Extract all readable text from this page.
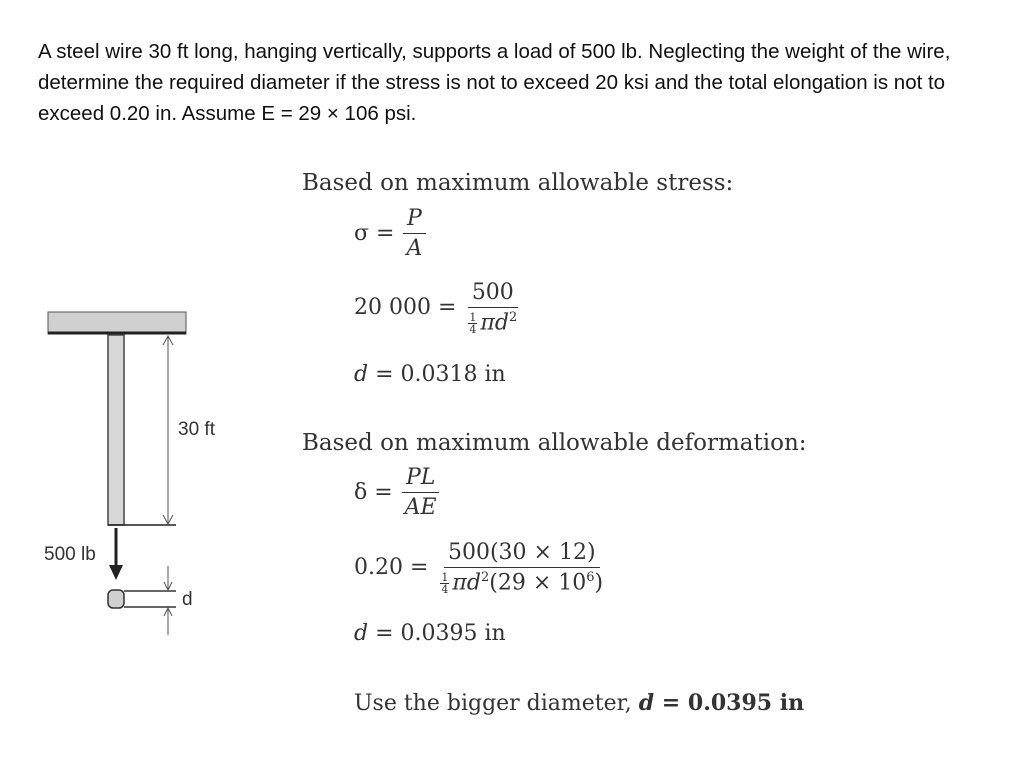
A steel wire 30 ft long, hanging vertically, supports a load of 500 lb. Neglecting the weight of the wire, determine the required diameter if the stress is not to exceed 20 ksi and the total elongation is not to exceed 0.20 in. Assume E = 29 × 106 psi.
30 ft
500 lb
d
Based on maximum allowable stress:
$\sigma = \frac{P}{A}$
20 $000 = \frac{500}{\frac{1}{4} \pi d^2}$
d = 0.0318 in
Based on maximum allowable deformation:
$\delta = \frac{PL}{AE}$
$0.20 = \frac{500(30 \times 12)}{\frac{1}{4} \pi d^2(29 \times 10^6)}$
d = 0.0395 in
Use the bigger diameter, d = 0.0395 in
